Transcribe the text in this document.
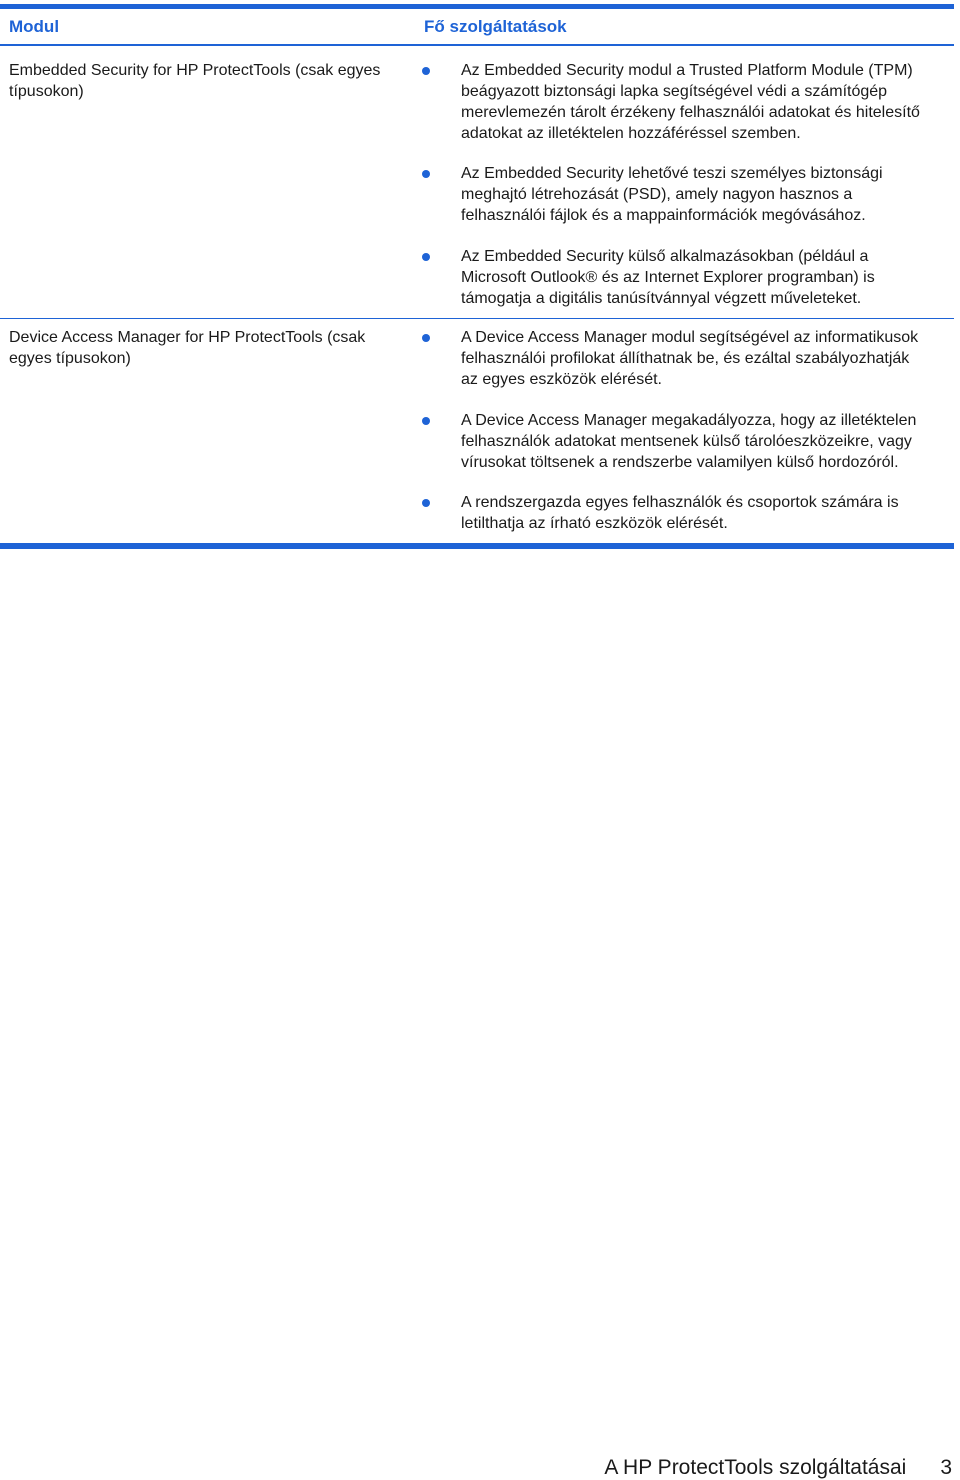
Modul	Fő szolgáltatások
Embedded Security for HP ProtectTools (csak egyes
típusokon)
Az Embedded Security modul a Trusted Platform Module (TPM)
beágyazott biztonsági lapka segítségével védi a számítógép
merevlemezén tárolt érzékeny felhasználói adatokat és hitelesítő
adatokat az illetéktelen hozzáféréssel szemben.
Az Embedded Security lehetővé teszi személyes biztonsági
meghajtó létrehozását (PSD), amely nagyon hasznos a
felhasználói fájlok és a mappainformációk megóvásához.
Az Embedded Security külső alkalmazásokban (például a
Microsoft Outlook® és az Internet Explorer programban) is
támogatja a digitális tanúsítvánnyal végzett műveleteket.
Device Access Manager for HP ProtectTools (csak
egyes típusokon)
A Device Access Manager modul segítségével az informatikusok
felhasználói profilokat állíthatnak be, és ezáltal szabályozhatják
az egyes eszközök elérését.
A Device Access Manager megakadályozza, hogy az illetéktelen
felhasználók adatokat mentsenek külső tárolóeszközeikre, vagy
vírusokat töltsenek a rendszerbe valamilyen külső hordozóról.
A rendszergazda egyes felhasználók és csoportok számára is
letilthatja az írható eszközök elérését.
A HP ProtectTools szolgáltatásai 3
